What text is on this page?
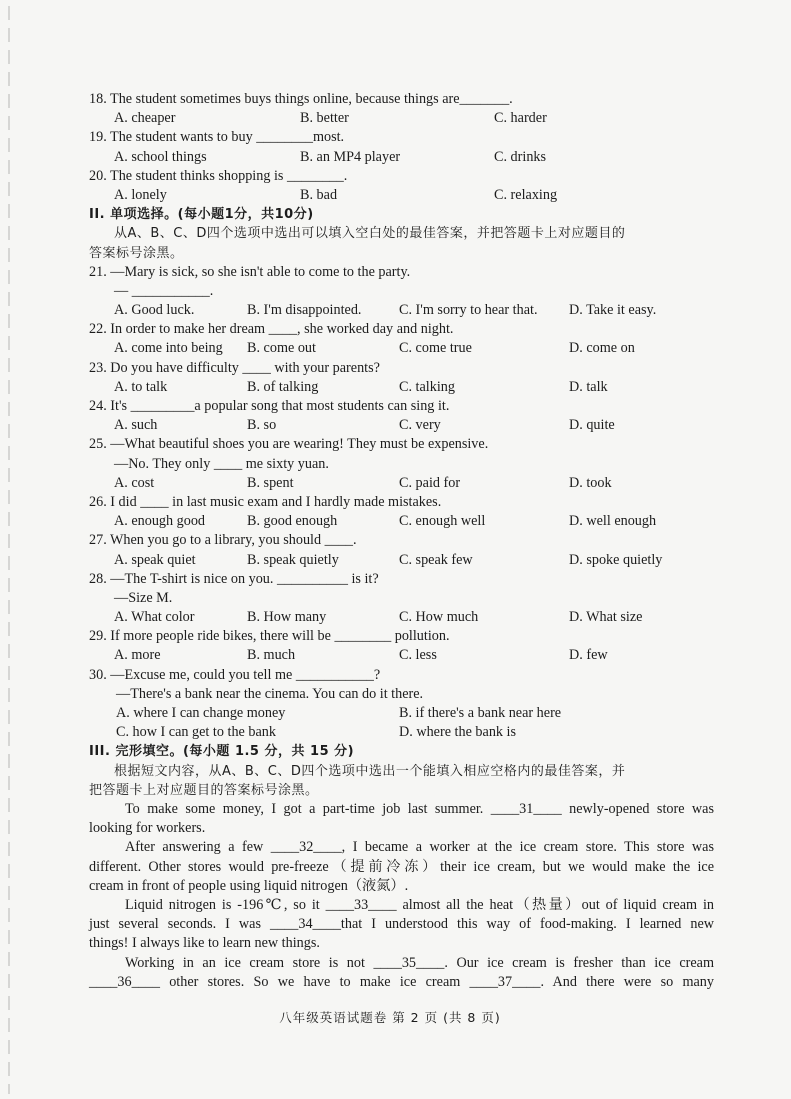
18. The student sometimes buys things online, because things are_______.
A. cheaper	B. better	C. harder
19. The student wants to buy ________most.
A. school things	B. an MP4 player	C. drinks
20. The student thinks shopping is ________.
A. lonely	B. bad	C. relaxing
II. 单项选择。(每小题1分，共10分)
从A、B、C、D四个选项中选出可以填入空白处的最佳答案，并把答题卡上对应题目的
答案标号涂黑。
21. —Mary is sick, so she isn't able to come to the party.
— ___________.
A. Good luck.	B. I'm disappointed.	C. I'm sorry to hear that. D. Take it easy.
22. In order to make her dream ____, she worked day and night.
A. come into being B. come out	C. come true	D. come on
23. Do you have difficulty ____ with your parents?
A. to talk	B. of talking	C. talking	D. talk
24. It's _________a popular song that most students can sing it.
A. such	B. so	C. very	D. quite
25. —What beautiful shoes you are wearing! They must be expensive.
—No. They only ____ me sixty yuan.
A. cost	B. spent	C. paid for	D. took
26. I did ____ in last music exam and I hardly made mistakes.
A. enough good	B. good enough	C. enough well	D. well enough
27. When you go to a library, you should ____.
A. speak quiet	B. speak quietly	C. speak few	D. spoke quietly
28. —The T-shirt is nice on you. __________ is it?
—Size M.
A. What color	B. How many	C. How much	D. What size
29. If more people ride bikes, there will be ________ pollution.
A. more	B. much	C. less	D. few
30. —Excuse me, could you tell me ___________?
—There's a bank near the cinema. You can do it there.
A. where I can change money	B. if there's a bank near here
C. how I can get to the bank	D. where the bank is
III. 完形填空。(每小题 1.5 分，共 15 分)
根据短文内容，从A、B、C、D四个选项中选出一个能填入相应空格内的最佳答案，并
把答题卡上对应题目的答案标号涂黑。
To make some money, I got a part-time job last summer. ____31____ newly-opened store was
looking for workers.
After answering a few ____32____, I became a worker at the ice cream store. This store was
different. Other stores would pre-freeze（提前冷冻）their ice cream, but we would make the ice
cream in front of people using liquid nitrogen（液氮）.
Liquid nitrogen is -196℃, so it ____33____ almost all the heat（热量）out of liquid cream in
just several seconds. I was ____34____that I understood this way of food-making. I learned new
things! I always like to learn new things.
Working in an ice cream store is not ____35____. Our ice cream is fresher than ice cream
____36____ other stores. So we have to make ice cream ____37____. And there were so many
八年级英语试题卷 第 2 页 (共 8 页)
